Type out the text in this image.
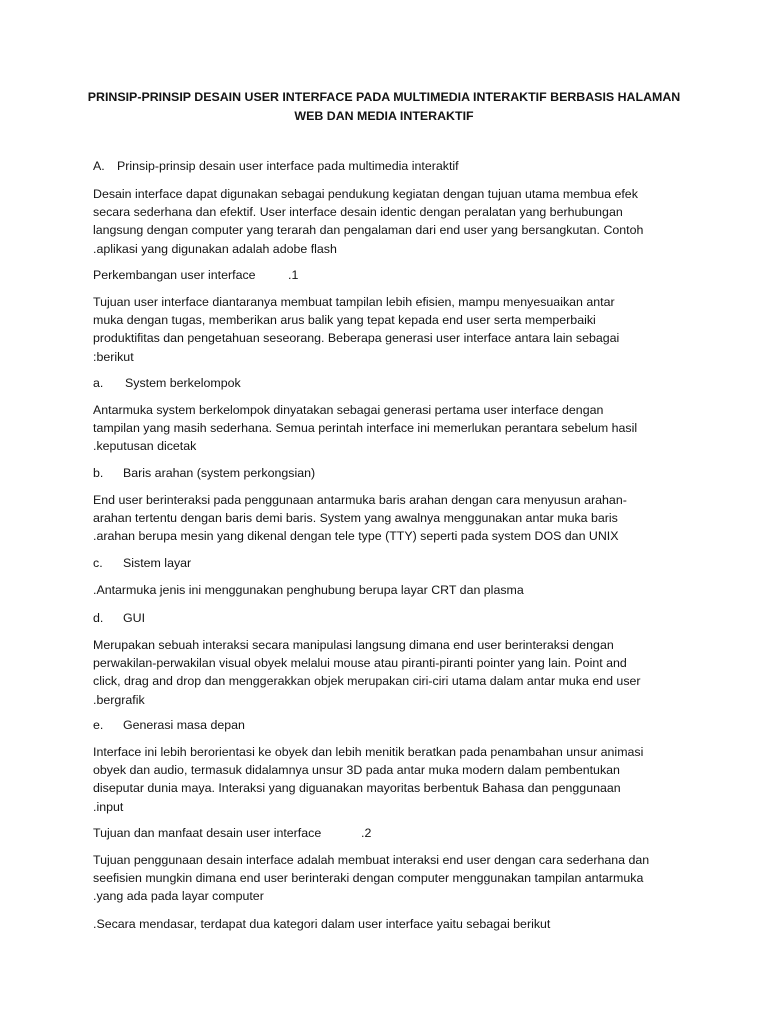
PRINSIP-PRINSIP DESAIN USER INTERFACE PADA MULTIMEDIA INTERAKTIF BERBASIS HALAMAN
WEB DAN MEDIA INTERAKTIF
A. Prinsip-prinsip desain user interface pada multimedia interaktif
Desain interface dapat digunakan sebagai pendukung kegiatan dengan tujuan utama membua efek
secara sederhana dan efektif. User interface desain identic dengan peralatan yang berhubungan
langsung dengan computer yang terarah dan pengalaman dari end user yang bersangkutan. Contoh
.aplikasi yang digunakan adalah adobe flash
Perkembangan user interface	.1
Tujuan user interface diantaranya membuat tampilan lebih efisien, mampu menyesuaikan antar
muka dengan tugas, memberikan arus balik yang tepat kepada end user serta memperbaiki
produktifitas dan pengetahuan seseorang. Beberapa generasi user interface antara lain sebagai
:berikut
a. System berkelompok
Antarmuka system berkelompok dinyatakan sebagai generasi pertama user interface dengan
tampilan yang masih sederhana. Semua perintah interface ini memerlukan perantara sebelum hasil
.keputusan dicetak
b. Baris arahan (system perkongsian)
End user berinteraksi pada penggunaan antarmuka baris arahan dengan cara menyusun arahan-
arahan tertentu dengan baris demi baris. System yang awalnya menggunakan antar muka baris
.arahan berupa mesin yang dikenal dengan tele type (TTY) seperti pada system DOS dan UNIX
c. Sistem layar
.Antarmuka jenis ini menggunakan penghubung berupa layar CRT dan plasma
d. GUI
Merupakan sebuah interaksi secara manipulasi langsung dimana end user berinteraksi dengan
perwakilan-perwakilan visual obyek melalui mouse atau piranti-piranti pointer yang lain. Point and
click, drag and drop dan menggerakkan objek merupakan ciri-ciri utama dalam antar muka end user
.bergrafik
e. Generasi masa depan
Interface ini lebih berorientasi ke obyek dan lebih menitik beratkan pada penambahan unsur animasi
obyek dan audio, termasuk didalamnya unsur 3D pada antar muka modern dalam pembentukan
diseputar dunia maya. Interaksi yang diguanakan mayoritas berbentuk Bahasa dan penggunaan
.input
Tujuan dan manfaat desain user interface	.2
Tujuan penggunaan desain interface adalah membuat interaksi end user dengan cara sederhana dan
seefisien mungkin dimana end user berinteraki dengan computer menggunakan tampilan antarmuka
.yang ada pada layar computer
.Secara mendasar, terdapat dua kategori dalam user interface yaitu sebagai berikut
